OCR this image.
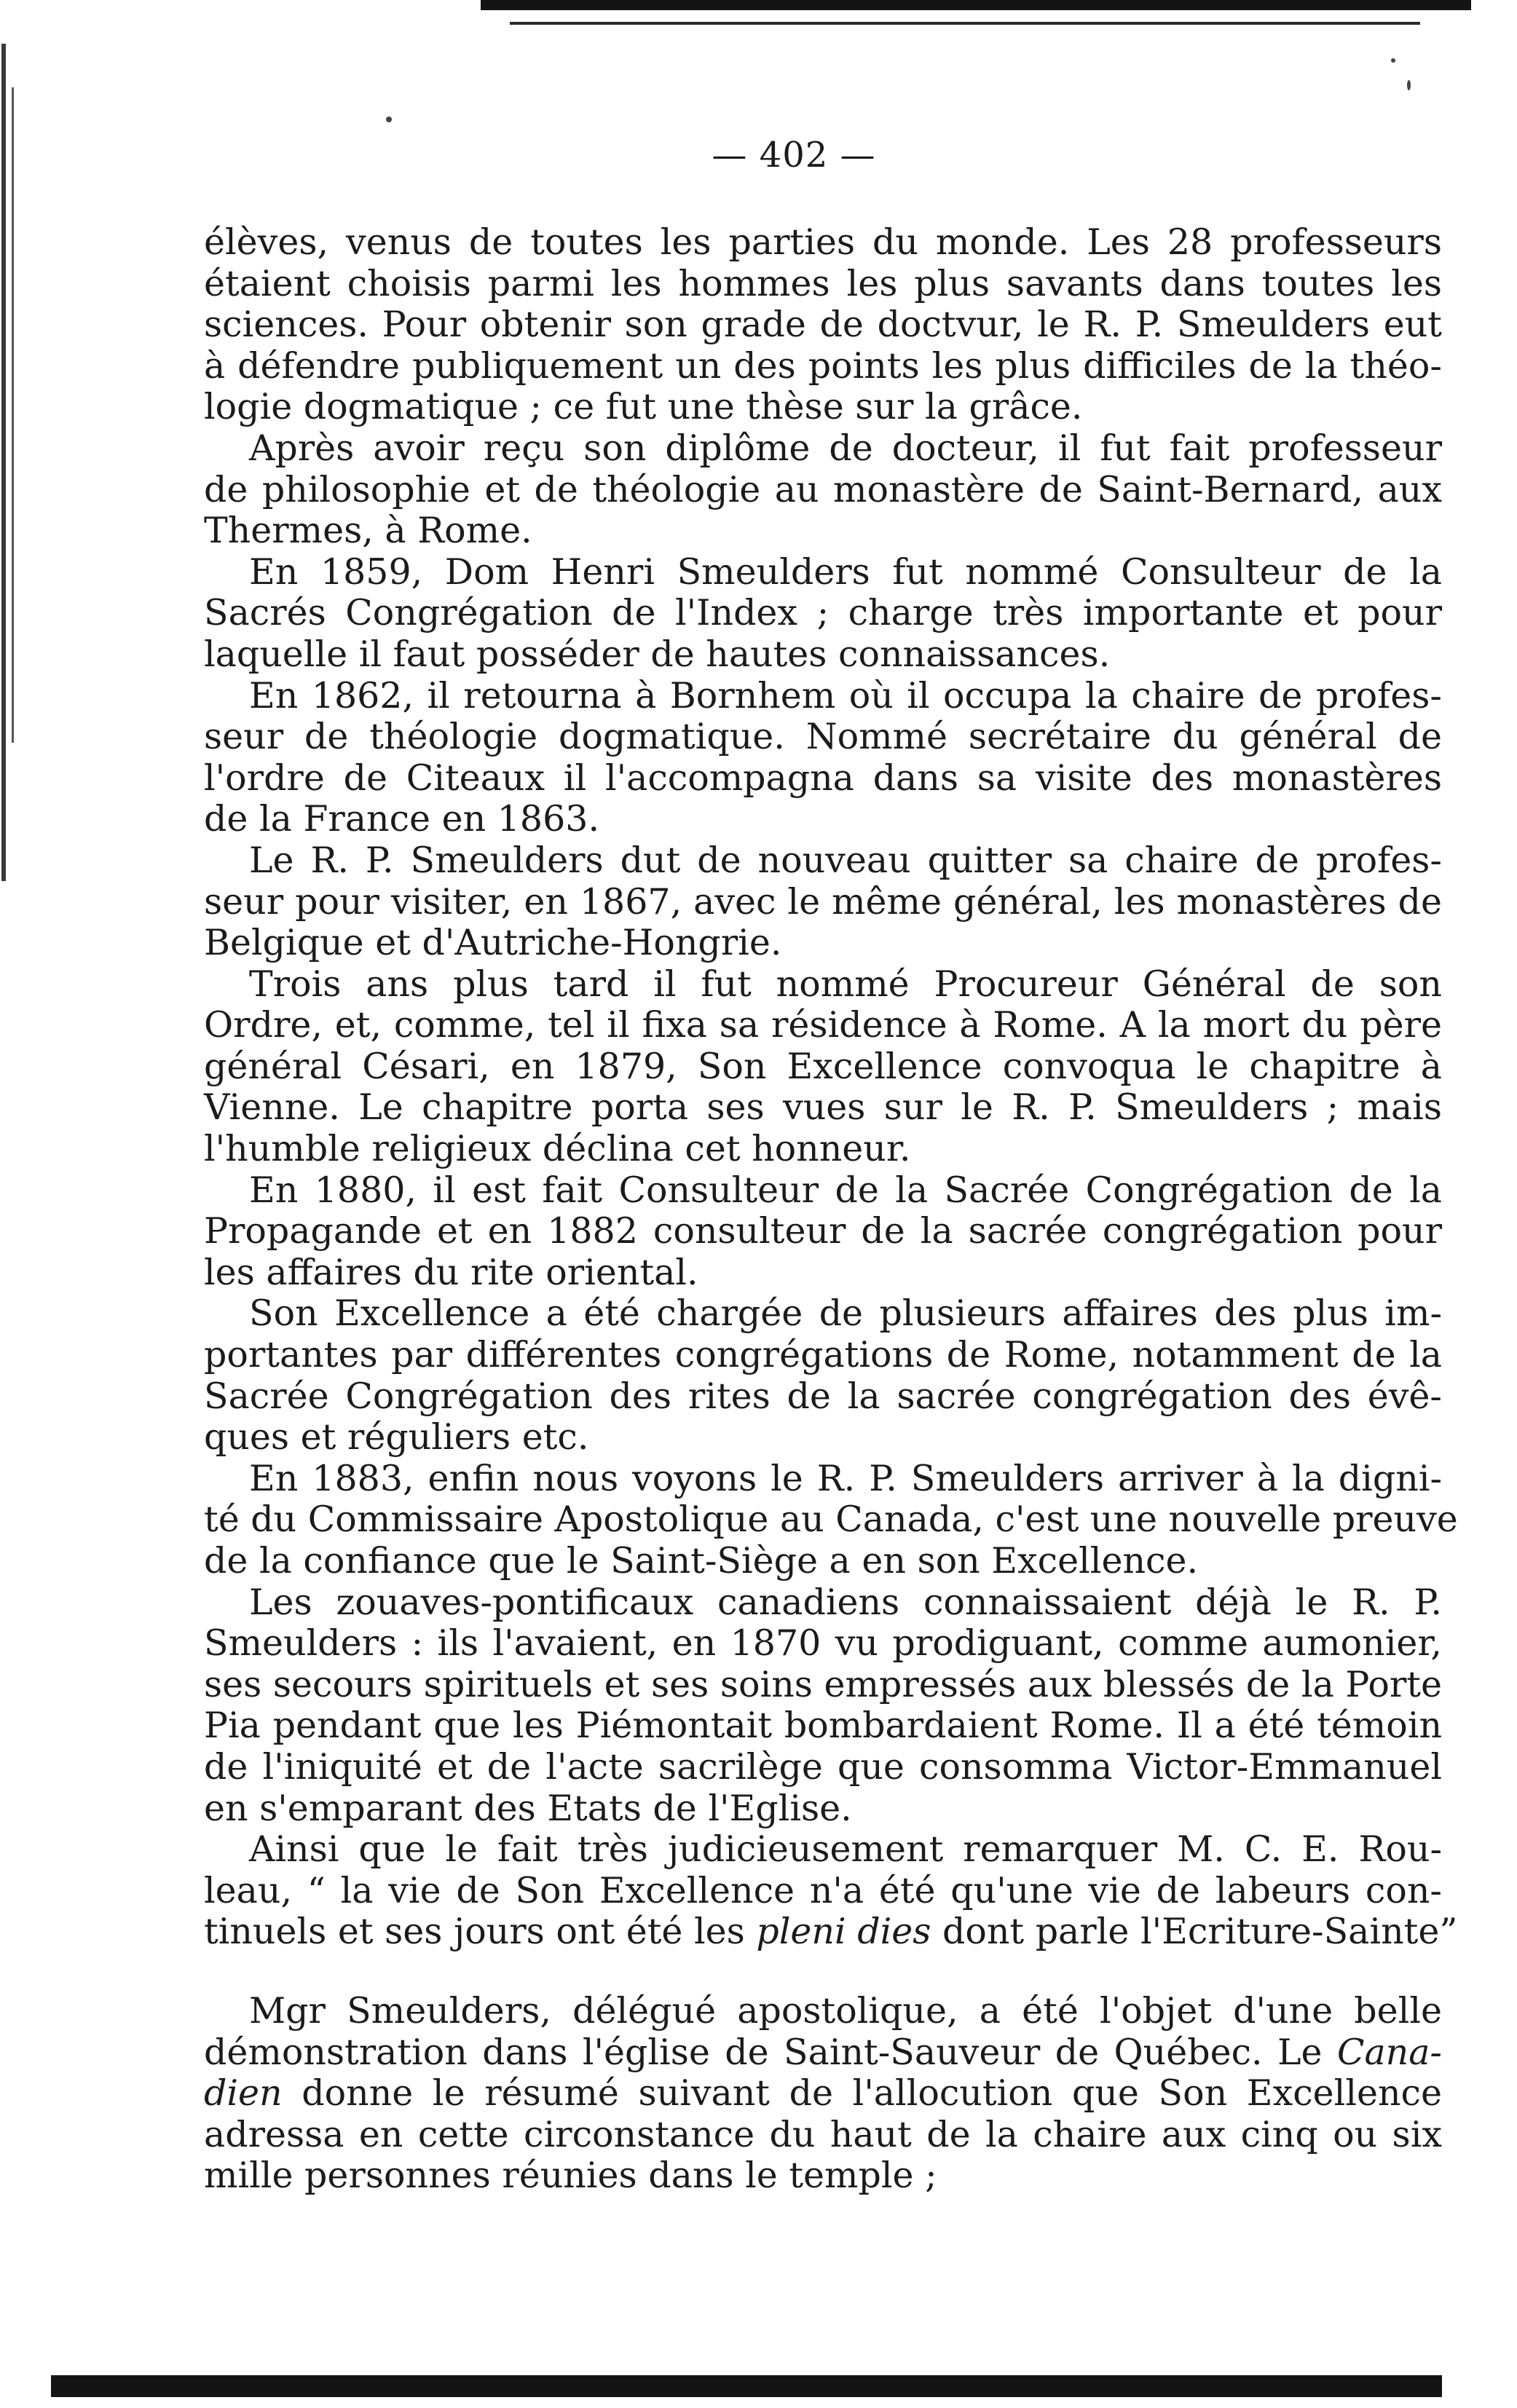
— 402 —
élèves, venus de toutes les parties du monde. Les 28 professeurs
étaient choisis parmi les hommes les plus savants dans toutes les
sciences. Pour obtenir son grade de doctvur, le R. P. Smeulders eut
à défendre publiquement un des points les plus difficiles de la théo-
logie dogmatique ; ce fut une thèse sur la grâce.
Après avoir reçu son diplôme de docteur, il fut fait professeur
de philosophie et de théologie au monastère de Saint-Bernard, aux
Thermes, à Rome.
En 1859, Dom Henri Smeulders fut nommé Consulteur de la
Sacrés Congrégation de l'Index ; charge très importante et pour
laquelle il faut posséder de hautes connaissances.
En 1862, il retourna à Bornhem où il occupa la chaire de profes-
seur de théologie dogmatique. Nommé secrétaire du général de
l'ordre de Citeaux il l'accompagna dans sa visite des monastères
de la France en 1863.
Le R. P. Smeulders dut de nouveau quitter sa chaire de profes-
seur pour visiter, en 1867, avec le même général, les monastères de
Belgique et d'Autriche-Hongrie.
Trois ans plus tard il fut nommé Procureur Général de son
Ordre, et, comme, tel il fixa sa résidence à Rome. A la mort du père
général Césari, en 1879, Son Excellence convoqua le chapitre à
Vienne. Le chapitre porta ses vues sur le R. P. Smeulders ; mais
l'humble religieux déclina cet honneur.
En 1880, il est fait Consulteur de la Sacrée Congrégation de la
Propagande et en 1882 consulteur de la sacrée congrégation pour
les affaires du rite oriental.
Son Excellence a été chargée de plusieurs affaires des plus im-
portantes par différentes congrégations de Rome, notamment de la
Sacrée Congrégation des rites de la sacrée congrégation des évê-
ques et réguliers etc.
En 1883, enfin nous voyons le R. P. Smeulders arriver à la digni-
té du Commissaire Apostolique au Canada, c'est une nouvelle preuve
de la confiance que le Saint-Siège a en son Excellence.
Les zouaves-pontificaux canadiens connaissaient déjà le R. P.
Smeulders : ils l'avaient, en 1870 vu prodiguant, comme aumonier,
ses secours spirituels et ses soins empressés aux blessés de la Porte
Pia pendant que les Piémontait bombardaient Rome. Il a été témoin
de l'iniquité et de l'acte sacrilège que consomma Victor-Emmanuel
en s'emparant des Etats de l'Eglise.
Ainsi que le fait très judicieusement remarquer M. C. E. Rou-
leau, “ la vie de Son Excellence n'a été qu'une vie de labeurs con-
tinuels et ses jours ont été les pleni dies dont parle l'Ecriture-Sainte”
Mgr Smeulders, délégué apostolique, a été l'objet d'une belle
démonstration dans l'église de Saint-Sauveur de Québec. Le Cana-
dien donne le résumé suivant de l'allocution que Son Excellence
adressa en cette circonstance du haut de la chaire aux cinq ou six
mille personnes réunies dans le temple ;
